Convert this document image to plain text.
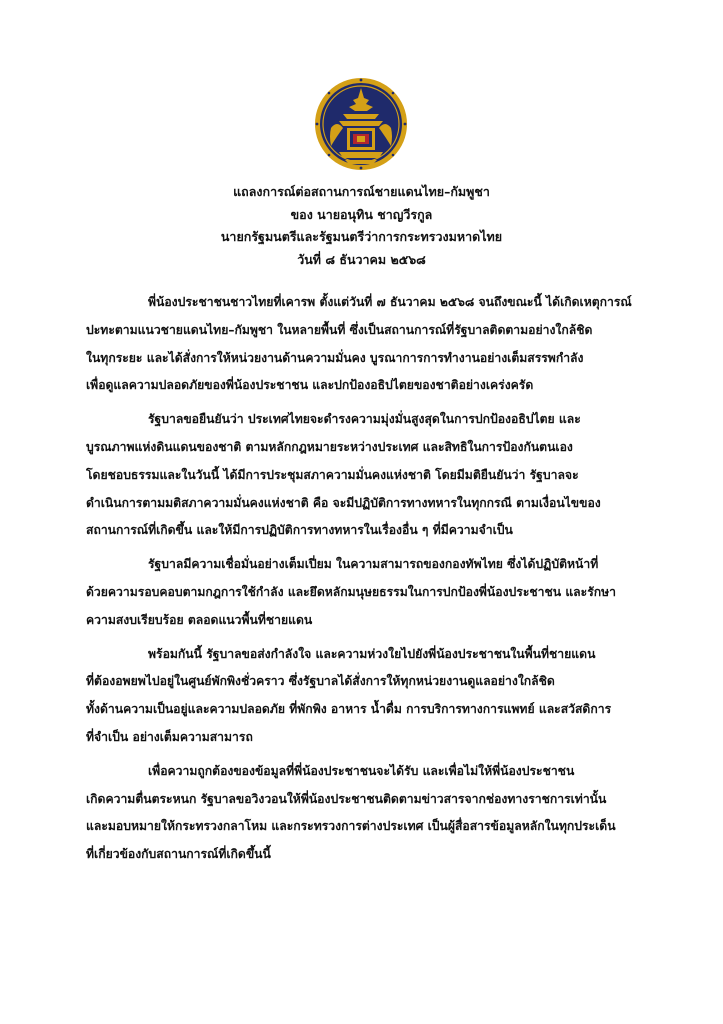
แถลงการณ์ต่อสถานการณ์ชายแดนไทย–กัมพูชา
ของ นายอนุทิน ชาญวีรกูล
นายกรัฐมนตรีและรัฐมนตรีว่าการกระทรวงมหาดไทย
วันที่ ๘ ธันวาคม ๒๕๖๘
พี่น้องประชาชนชาวไทยที่เคารพ ตั้งแต่วันที่ ๗ ธันวาคม ๒๕๖๘ จนถึงขณะนี้ ได้เกิดเหตุการณ์
ปะทะตามแนวชายแดนไทย–กัมพูชา ในหลายพื้นที่ ซึ่งเป็นสถานการณ์ที่รัฐบาลติดตามอย่างใกล้ชิด
ในทุกระยะ และได้สั่งการให้หน่วยงานด้านความมั่นคง บูรณาการการทำงานอย่างเต็มสรรพกำลัง
เพื่อดูแลความปลอดภัยของพี่น้องประชาชน และปกป้องอธิปไตยของชาติอย่างเคร่งครัด
รัฐบาลขอยืนยันว่า ประเทศไทยจะดำรงความมุ่งมั่นสูงสุดในการปกป้องอธิปไตย และ
บูรณภาพแห่งดินแดนของชาติ ตามหลักกฎหมายระหว่างประเทศ และสิทธิในการป้องกันตนเอง
โดยชอบธรรมและในวันนี้ ได้มีการประชุมสภาความมั่นคงแห่งชาติ โดยมีมติยืนยันว่า รัฐบาลจะ
ดำเนินการตามมติสภาความมั่นคงแห่งชาติ คือ จะมีปฏิบัติการทางทหารในทุกกรณี ตามเงื่อนไขของ
สถานการณ์ที่เกิดขึ้น และให้มีการปฏิบัติการทางทหารในเรื่องอื่น ๆ ที่มีความจำเป็น
รัฐบาลมีความเชื่อมั่นอย่างเต็มเปี่ยม ในความสามารถของกองทัพไทย ซึ่งได้ปฏิบัติหน้าที่
ด้วยความรอบคอบตามกฎการใช้กำลัง และยึดหลักมนุษยธรรมในการปกป้องพี่น้องประชาชน และรักษา
ความสงบเรียบร้อย ตลอดแนวพื้นที่ชายแดน
พร้อมกันนี้ รัฐบาลขอส่งกำลังใจ และความห่วงใยไปยังพี่น้องประชาชนในพื้นที่ชายแดน
ที่ต้องอพยพไปอยู่ในศูนย์พักพิงชั่วคราว ซึ่งรัฐบาลได้สั่งการให้ทุกหน่วยงานดูแลอย่างใกล้ชิด
ทั้งด้านความเป็นอยู่และความปลอดภัย ที่พักพิง อาหาร น้ำดื่ม การบริการทางการแพทย์ และสวัสดิการ
ที่จำเป็น อย่างเต็มความสามารถ
เพื่อความถูกต้องของข้อมูลที่พี่น้องประชาชนจะได้รับ และเพื่อไม่ให้พี่น้องประชาชน
เกิดความตื่นตระหนก รัฐบาลขอวิงวอนให้พี่น้องประชาชนติดตามข่าวสารจากช่องทางราชการเท่านั้น
และมอบหมายให้กระทรวงกลาโหม และกระทรวงการต่างประเทศ เป็นผู้สื่อสารข้อมูลหลักในทุกประเด็น
ที่เกี่ยวข้องกับสถานการณ์ที่เกิดขึ้นนี้
